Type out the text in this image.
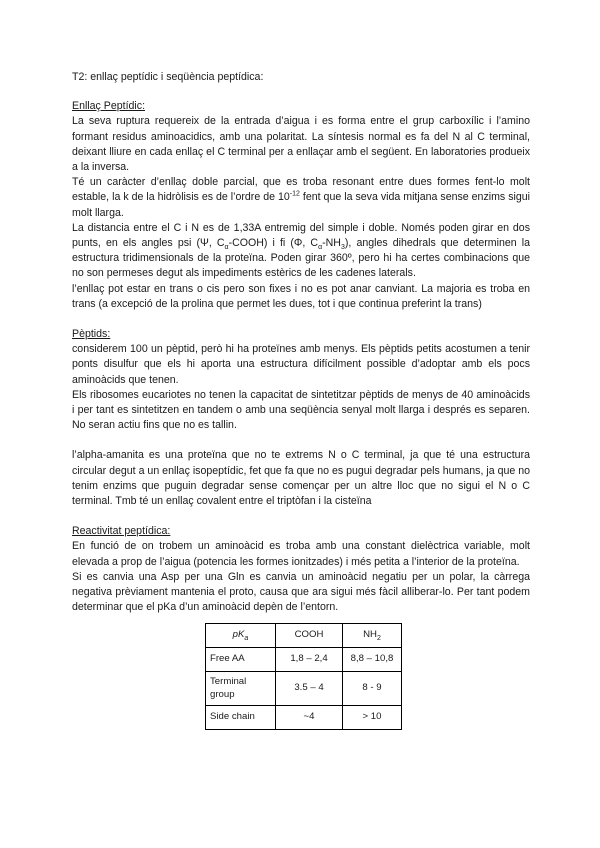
T2: enllaç peptídic i seqüència peptídica:

Enllaç Peptídic:

La seva ruptura requereix de la entrada d’aigua i es forma entre el grup carboxílic i l’amino formant residus aminoacidics, amb una polaritat. La síntesis normal es fa del N al C terminal, deixant lliure en cada enllaç el C terminal per a enllaçar amb el següent. En laboratories produeix a la inversa.

Té un caràcter d’enllaç doble parcial, que es troba resonant entre dues formes fent-lo molt estable, la k de la hidròlisis es de l’ordre de $10^{-12}$ fent que la seva vida mitjana sense enzims sigui molt llarga.

La distancia entre el C i N es de 1,33A entremig del simple i doble. Només poden girar en dos punts, en els angles psi (Ψ, $C_\alpha-COOH$) i fi (Φ, $C_\alpha-NH_3$), angles dihedrals que determinen la estructura tridimensionals de la proteïna. Poden girar 360º, pero hi ha certes combinacions que no son permeses degut als impediments estèrics de les cadenes laterals.

l’enllaç pot estar en trans o cis pero son fixes i no es pot anar canviant. La majoria es troba en trans (a excepció de la prolina que permet les dues, tot i que continua preferint la trans)

Pèptids:

considerem 100 un pèptid, però hi ha proteïnes amb menys. Els pèptids petits acostumen a tenir ponts disulfur que els hi aporta una estructura difícilment possible d’adoptar amb els pocs aminoàcids que tenen.

Els ribosomes eucariotes no tenen la capacitat de sintetitzar pèptids de menys de 40 aminoàcids i per tant es sintetitzen en tandem o amb una seqüència senyal molt llarga i després es separen. No seran actiu fins que no es tallin.

l’alpha-amanita es una proteïna que no te extrems N o C terminal, ja que té una estructura circular degut a un enllaç isopeptídic, fet que fa que no es pugui degradar pels humans, ja que no tenim enzims que puguin degradar sense començar per un altre lloc que no sigui el N o C terminal. Tmb té un enllaç covalent entre el triptòfan i la cisteïna

Reactivitat peptídica:

En funció de on trobem un aminoàcid es troba amb una constant dielèctrica variable, molt elevada a prop de l’aigua (potencia les formes ionitzades) i més petita a l’interior de la proteïna.

Si es canvia una Asp per una Gln es canvia un aminoàcid negatiu per un polar, la càrrega negativa prèviament mantenia el proto, causa que ara sigui més fàcil alliberar-lo. Per tant podem determinar que el pKa d’un aminoàcid depèn de l’entorn.

$pK_a$	COOH	$NH_2$
Free AA	1,8 – 2,4	8,8 – 10,8
Terminal group	3.5 – 4	8 - 9
Side chain	~4	> 10
